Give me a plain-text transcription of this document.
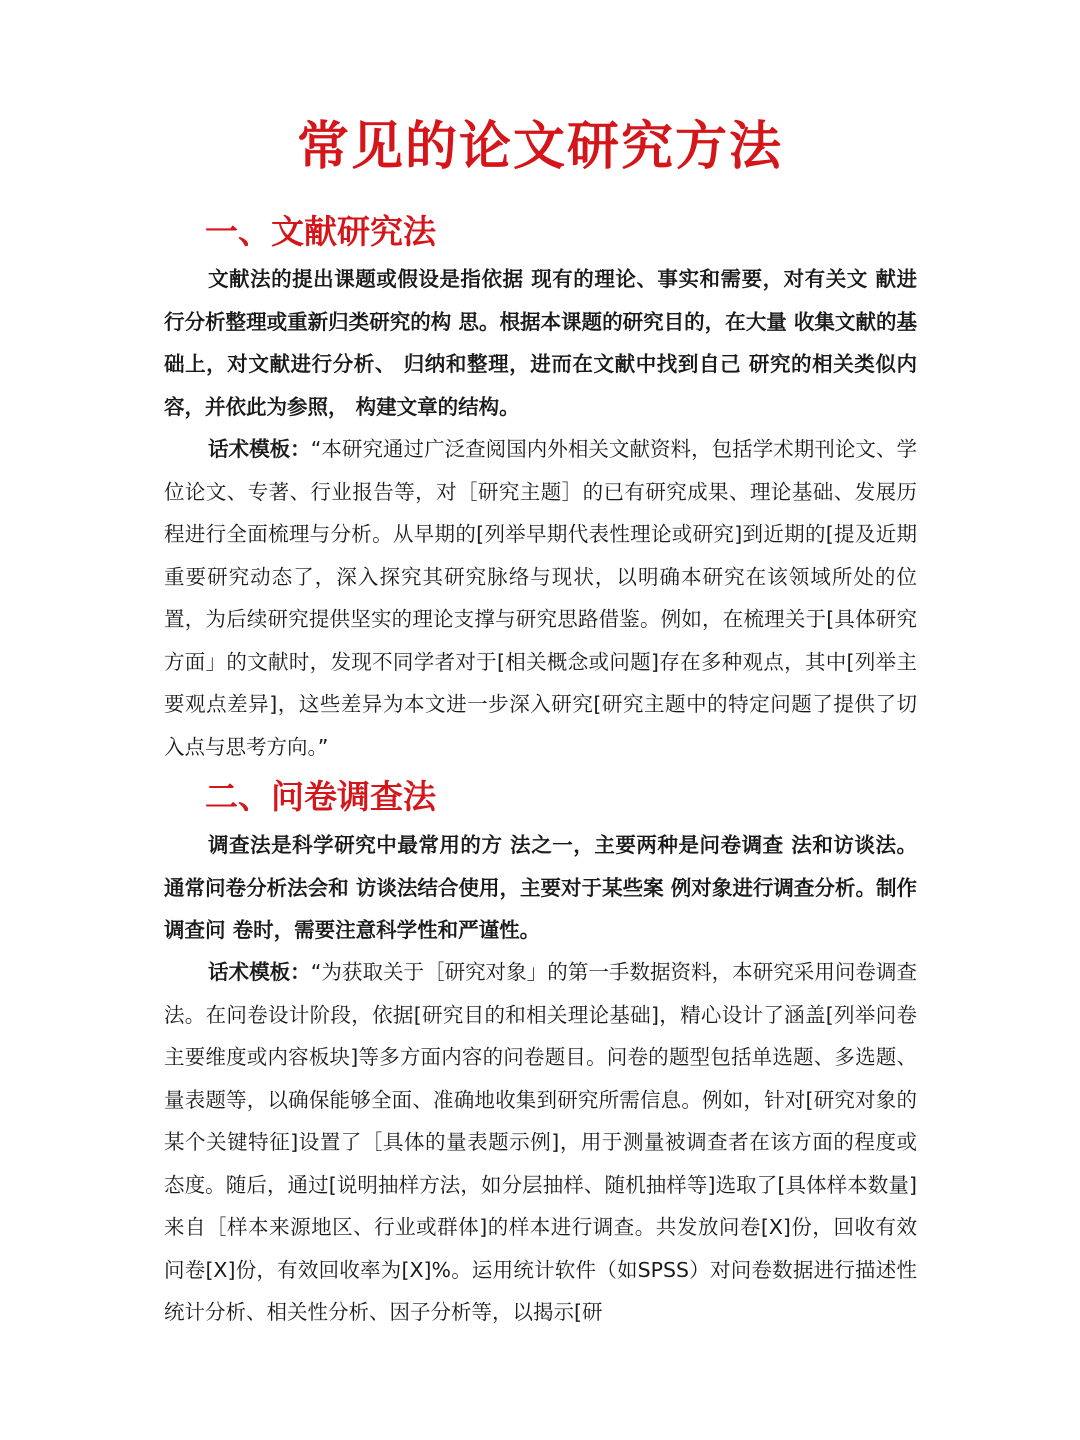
常见的论文研究方法
一、文献研究法

文献法的提出课题或假设是指依据 现有的理论、事实和需要，对有关文 献进行分析整理或重新归类研究的构 思。根据本课题的研究目的，在大量 收集文献的基础上，对文献进行分析、 归纳和整理，进而在文献中找到自己 研究的相关类似内容，并依此为参照， 构建文章的结构。

话术模板：“本研究通过广泛查阅国内外相关文献资料，包括学术期刊论文、学位论文、专著、行业报告等，对［研究主题］的已有研究成果、理论基础、发展历程进行全面梳理与分析。从早期的[列举早期代表性理论或研究]到近期的[提及近期重要研究动态了，深入探究其研究脉络与现状，以明确本研究在该领域所处的位置，为后续研究提供坚实的理论支撑与研究思路借鉴。例如，在梳理关于[具体研究方面」的文献时，发现不同学者对于[相关概念或问题]存在多种观点，其中[列举主要观点差异]，这些差异为本文进一步深入研究[研究主题中的特定问题了提供了切入点与思考方向。”

二、问卷调查法

调查法是科学研究中最常用的方 法之一，主要两种是问卷调查 法和访谈法。通常问卷分析法会和 访谈法结合使用，主要对于某些案 例对象进行调查分析。制作调查问 卷时，需要注意科学性和严谨性。

话术模板：“为获取关于［研究对象」的第一手数据资料，本研究采用问卷调查法。在问卷设计阶段，依据[研究目的和相关理论基础]，精心设计了涵盖[列举问卷主要维度或内容板块]等多方面内容的问卷题目。问卷的题型包括单选题、多选题、量表题等，以确保能够全面、准确地收集到研究所需信息。例如，针对[研究对象的某个关键特征]设置了［具体的量表题示例]，用于测量被调查者在该方面的程度或态度。随后，通过[说明抽样方法，如分层抽样、随机抽样等]选取了[具体样本数量]来自［样本来源地区、行业或群体]的样本进行调查。共发放问卷[X]份，回收有效问卷[X]份，有效回收率为[X]%。运用统计软件（如SPSS）对问卷数据进行描述性统计分析、相关性分析、因子分析等，以揭示[研
